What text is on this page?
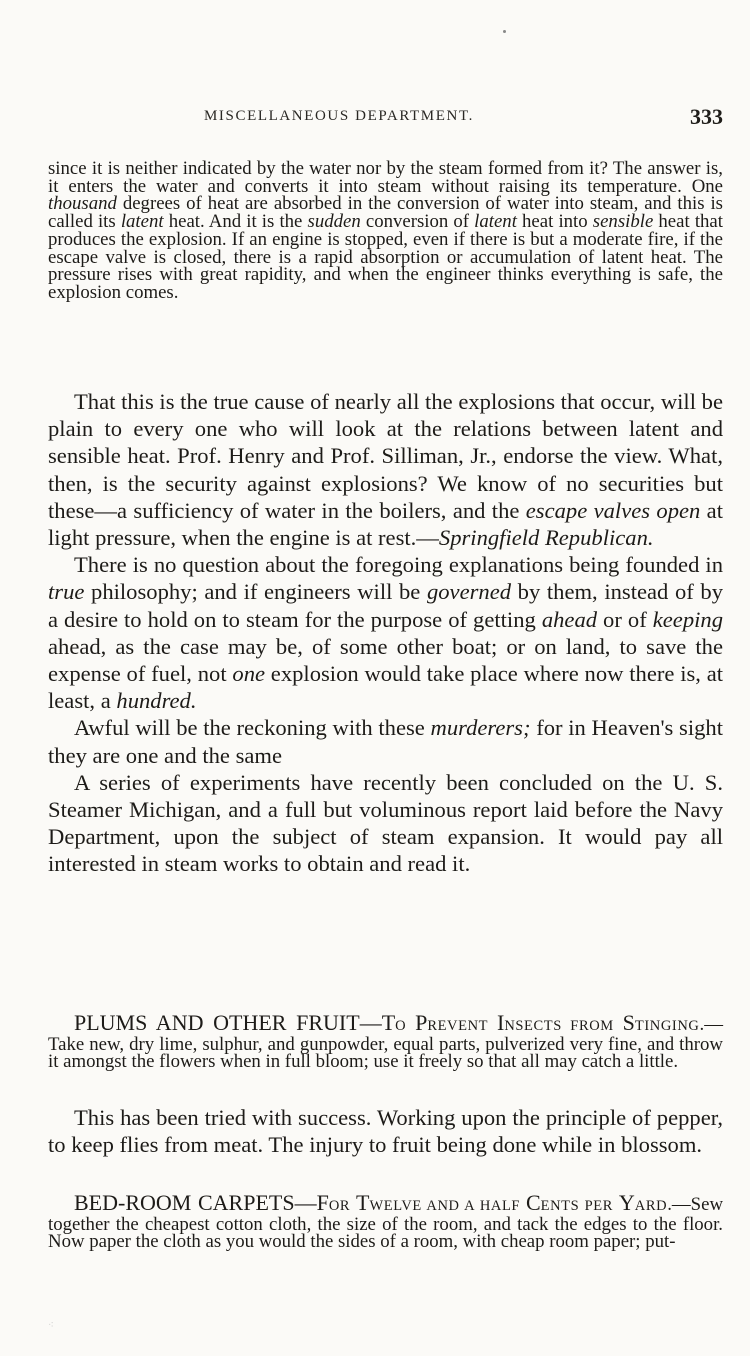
MISCELLANEOUS DEPARTMENT.	333

since it is neither indicated by the water nor by the steam formed from it? The answer is, it enters the water and converts it into steam without raising its temperature. One thousand degrees of heat are absorbed in the conversion of water into steam, and this is called its latent heat. And it is the sudden conversion of latent heat into sensible heat that produces the explosion. If an engine is stopped, even if there is but a moderate fire, if the escape valve is closed, there is a rapid absorption or accumulation of latent heat. The pressure rises with great rapidity, and when the engineer thinks everything is safe, the explosion comes.

That this is the true cause of nearly all the explosions that occur, will be plain to every one who will look at the relations between latent and sensible heat. Prof. Henry and Prof. Silliman, Jr., endorse the view. What, then, is the security against explosions? We know of no securities but these—a sufficiency of water in the boilers, and the escape valves open at light pressure, when the engine is at rest.—Springfield Republican.

There is no question about the foregoing explanations being founded in true philosophy; and if engineers will be governed by them, instead of by a desire to hold on to steam for the purpose of getting ahead or of keeping ahead, as the case may be, of some other boat; or on land, to save the expense of fuel, not one explosion would take place where now there is, at least, a hundred.

Awful will be the reckoning with these murderers; for in Heaven's sight they are one and the same

A series of experiments have recently been concluded on the U. S. Steamer Michigan, and a full but voluminous report laid before the Navy Department, upon the subject of steam expansion. It would pay all interested in steam works to obtain and read it.

PLUMS AND OTHER FRUIT—TO PREVENT INSECTS FROM STINGING.—Take new, dry lime, sulphur, and gunpowder, equal parts, pulverized very fine, and throw it amongst the flowers when in full bloom; use it freely so that all may catch a little.

This has been tried with success. Working upon the principle of pepper, to keep flies from meat. The injury to fruit being done while in blossom.

BED-ROOM CARPETS—FOR TWELVE AND A HALF CENTS PER YARD.—Sew together the cheapest cotton cloth, the size of the room, and tack the edges to the floor. Now paper the cloth as you would the sides of a room, with cheap room paper; put-

⁖
